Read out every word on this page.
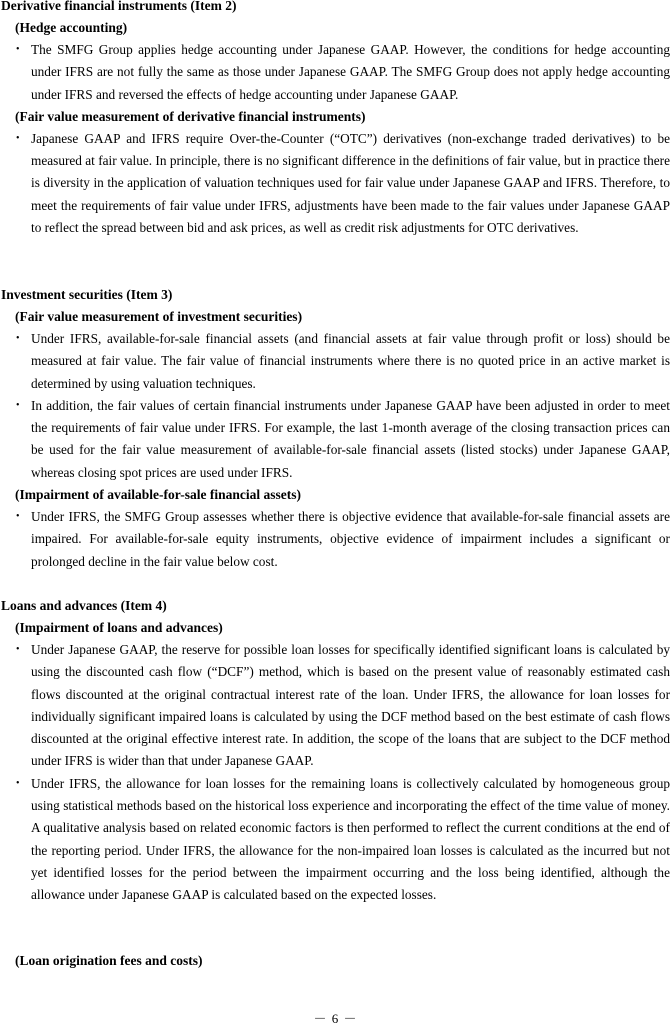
Derivative financial instruments (Item 2)
(Hedge accounting)
• The SMFG Group applies hedge accounting under Japanese GAAP. However, the conditions for hedge accounting under IFRS are not fully the same as those under Japanese GAAP. The SMFG Group does not apply hedge accounting under IFRS and reversed the effects of hedge accounting under Japanese GAAP.
(Fair value measurement of derivative financial instruments)
• Japanese GAAP and IFRS require Over-the-Counter (“OTC”) derivatives (non-exchange traded derivatives) to be measured at fair value. In principle, there is no significant difference in the definitions of fair value, but in practice there is diversity in the application of valuation techniques used for fair value under Japanese GAAP and IFRS. Therefore, to meet the requirements of fair value under IFRS, adjustments have been made to the fair values under Japanese GAAP to reflect the spread between bid and ask prices, as well as credit risk adjustments for OTC derivatives.
Investment securities (Item 3)
(Fair value measurement of investment securities)
• Under IFRS, available-for-sale financial assets (and financial assets at fair value through profit or loss) should be measured at fair value. The fair value of financial instruments where there is no quoted price in an active market is determined by using valuation techniques.
• In addition, the fair values of certain financial instruments under Japanese GAAP have been adjusted in order to meet the requirements of fair value under IFRS. For example, the last 1-month average of the closing transaction prices can be used for the fair value measurement of available-for-sale financial assets (listed stocks) under Japanese GAAP, whereas closing spot prices are used under IFRS.
(Impairment of available-for-sale financial assets)
• Under IFRS, the SMFG Group assesses whether there is objective evidence that available-for-sale financial assets are impaired. For available-for-sale equity instruments, objective evidence of impairment includes a significant or prolonged decline in the fair value below cost.
Loans and advances (Item 4)
(Impairment of loans and advances)
• Under Japanese GAAP, the reserve for possible loan losses for specifically identified significant loans is calculated by using the discounted cash flow (“DCF”) method, which is based on the present value of reasonably estimated cash flows discounted at the original contractual interest rate of the loan. Under IFRS, the allowance for loan losses for individually significant impaired loans is calculated by using the DCF method based on the best estimate of cash flows discounted at the original effective interest rate. In addition, the scope of the loans that are subject to the DCF method under IFRS is wider than that under Japanese GAAP.
• Under IFRS, the allowance for loan losses for the remaining loans is collectively calculated by homogeneous group using statistical methods based on the historical loss experience and incorporating the effect of the time value of money. A qualitative analysis based on related economic factors is then performed to reflect the current conditions at the end of the reporting period. Under IFRS, the allowance for the non-impaired loan losses is calculated as the incurred but not yet identified losses for the period between the impairment occurring and the loss being identified, although the allowance under Japanese GAAP is calculated based on the expected losses.
(Loan origination fees and costs)
－ 6 －
